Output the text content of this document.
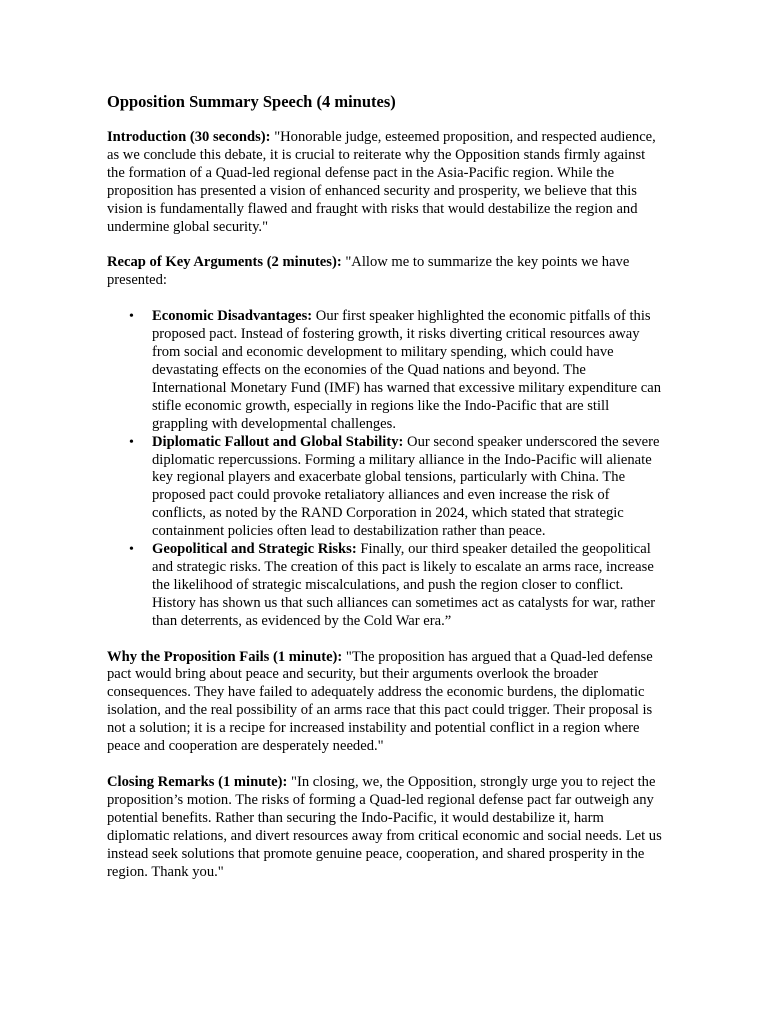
Opposition Summary Speech (4 minutes)

Introduction (30 seconds): "Honorable judge, esteemed proposition, and respected audience, as we conclude this debate, it is crucial to reiterate why the Opposition stands firmly against the formation of a Quad-led regional defense pact in the Asia-Pacific region. While the proposition has presented a vision of enhanced security and prosperity, we believe that this vision is fundamentally flawed and fraught with risks that would destabilize the region and undermine global security."

Recap of Key Arguments (2 minutes): "Allow me to summarize the key points we have presented:

• Economic Disadvantages: Our first speaker highlighted the economic pitfalls of this proposed pact. Instead of fostering growth, it risks diverting critical resources away from social and economic development to military spending, which could have devastating effects on the economies of the Quad nations and beyond. The International Monetary Fund (IMF) has warned that excessive military expenditure can stifle economic growth, especially in regions like the Indo-Pacific that are still grappling with developmental challenges.
• Diplomatic Fallout and Global Stability: Our second speaker underscored the severe diplomatic repercussions. Forming a military alliance in the Indo-Pacific will alienate key regional players and exacerbate global tensions, particularly with China. The proposed pact could provoke retaliatory alliances and even increase the risk of conflicts, as noted by the RAND Corporation in 2024, which stated that strategic containment policies often lead to destabilization rather than peace.
• Geopolitical and Strategic Risks: Finally, our third speaker detailed the geopolitical and strategic risks. The creation of this pact is likely to escalate an arms race, increase the likelihood of strategic miscalculations, and push the region closer to conflict. History has shown us that such alliances can sometimes act as catalysts for war, rather than deterrents, as evidenced by the Cold War era.”

Why the Proposition Fails (1 minute): "The proposition has argued that a Quad-led defense pact would bring about peace and security, but their arguments overlook the broader consequences. They have failed to adequately address the economic burdens, the diplomatic isolation, and the real possibility of an arms race that this pact could trigger. Their proposal is not a solution; it is a recipe for increased instability and potential conflict in a region where peace and cooperation are desperately needed."

Closing Remarks (1 minute): "In closing, we, the Opposition, strongly urge you to reject the proposition’s motion. The risks of forming a Quad-led regional defense pact far outweigh any potential benefits. Rather than securing the Indo-Pacific, it would destabilize it, harm diplomatic relations, and divert resources away from critical economic and social needs. Let us instead seek solutions that promote genuine peace, cooperation, and shared prosperity in the region. Thank you."
